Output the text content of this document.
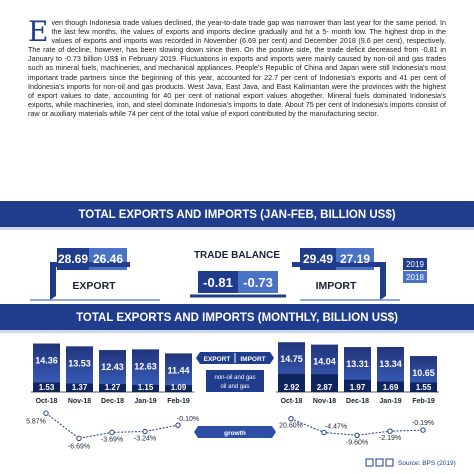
Even though Indonesia trade values declined, the year-to-date trade gap was narrower than last year for the same period. In the last few months, the values of exports and imports decline gradually and hit a 5- month low. The highest drop in the values of exports and imports was recorded in November (6.69 per cent) and December 2018 (9.6 per cent), respectively. The rate of decline, however, has been slowing down since then. On the positive side, the trade deficit decreased from -0.81 in January to -0.73 billion US$ in February 2019. Fluctuations in exports and imports were mainly caused by non-oil and gas trades such as mineral fuels, machineries, and mechanical appliances. People's Republic of China and Japan were still Indonesia's most important trade partners since the beginning of this year, accounted for 22.7 per cent of Indonesia's exports and 41 per cent of Indonesia's imports for non-oil and gas products. West Java, East Java, and East Kalimantan were the provinces with the highest of export values to date, accounting for 40 per cent of national export values altogether. Mineral fuels dominated Indonesia's exports, while machineries, iron, and steel dominate Indonesia's imports to date. About 75 per cent of Indonesia's imports consist of raw or auxiliary materials while 74 per cent of the total value of export contributed by the manufacturing sector.

TOTAL EXPORTS AND IMPORTS (JAN-FEB, BILLION US$)
28.69 26.46
EXPORT
TRADE BALANCE
-0.81 -0.73
29.49 27.19
IMPORT
2019
2018
TOTAL EXPORTS AND IMPORTS (MONTHLY, BILLION US$)
14.36
1.53
Oct-18
13.53
1.37
Nov-18
12.43
1.27
Dec-18
12.63
1.15
Jan-19
11.44
1.09
Feb-19
14.75
2.92
Oct-18
14.04
2.87
Nov-18
13.31
1.97
Dec-18
13.34
1.69
Jan-19
10.65
1.55
Feb-19
5.87%
-6.69%
-3.69% -3.24%
-0.10%
20.60%	-4.47%
-9.60%
-2.19%
-0.19%
EXPORT IMPORT
non-oil and gas
oil and gas
growth
Source: BPS (2019)
